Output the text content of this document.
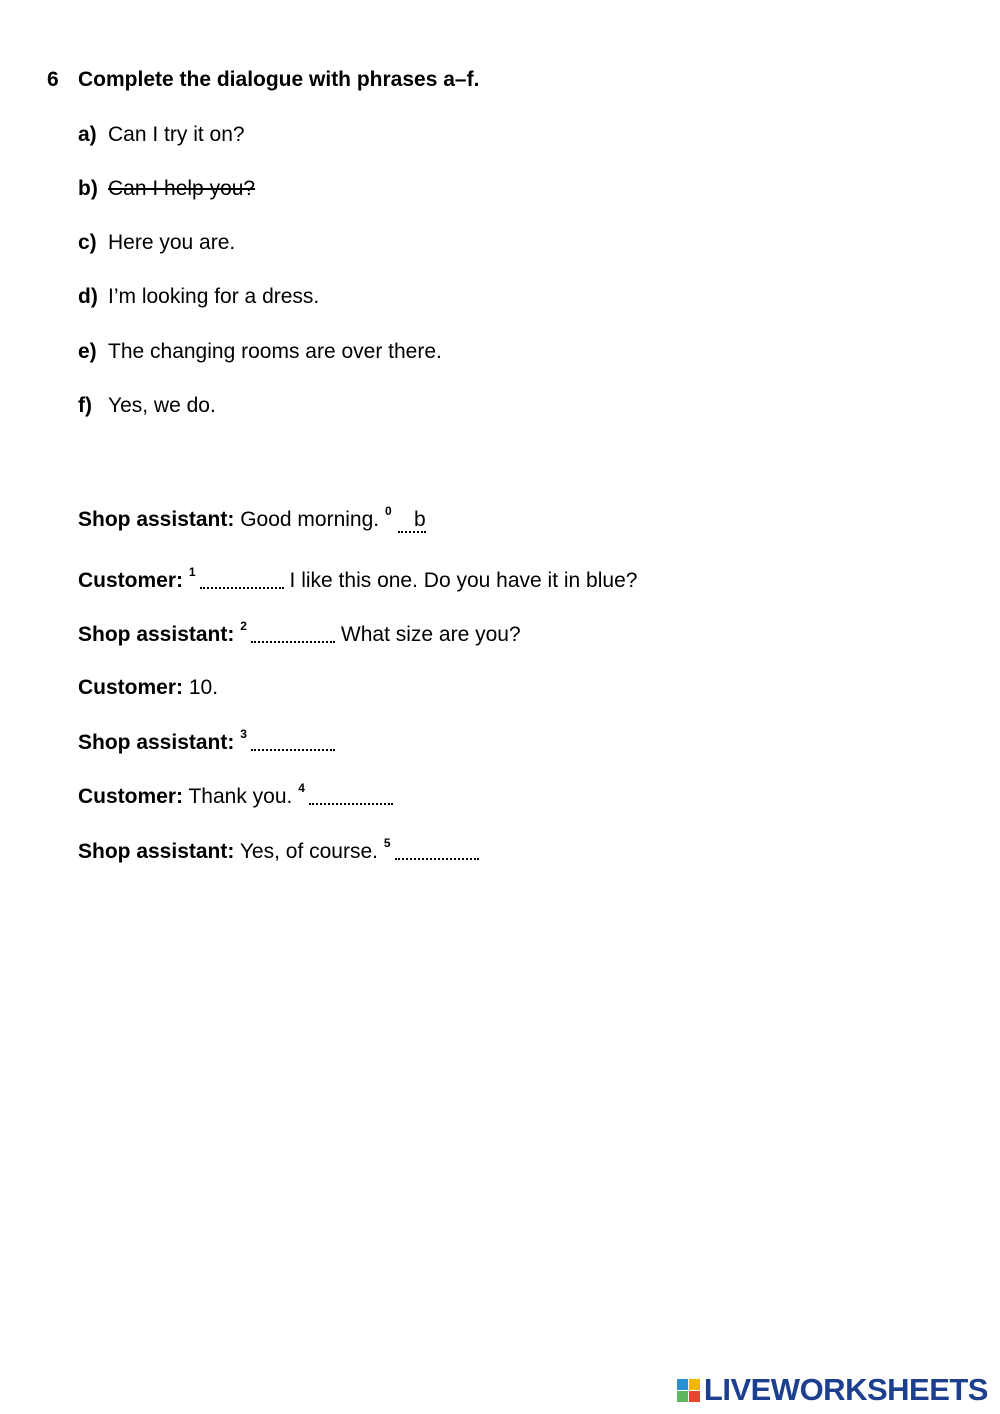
6 Complete the dialogue with phrases a–f.
a) Can I try it on?
b) Can I help you?
c) Here you are.
d) I’m looking for a dress.
e) The changing rooms are over there.
f) Yes, we do.
Shop assistant: Good morning. $^0$ b
Customer: $^1$	I like this one. Do you have it in blue?
Shop assistant: $^2$	What size are you?
Customer: 10.
Shop assistant: $^3$
Customer: Thank you. $^4$
Shop assistant: Yes, of course. $^5$
LIVEWORKSHEETS
